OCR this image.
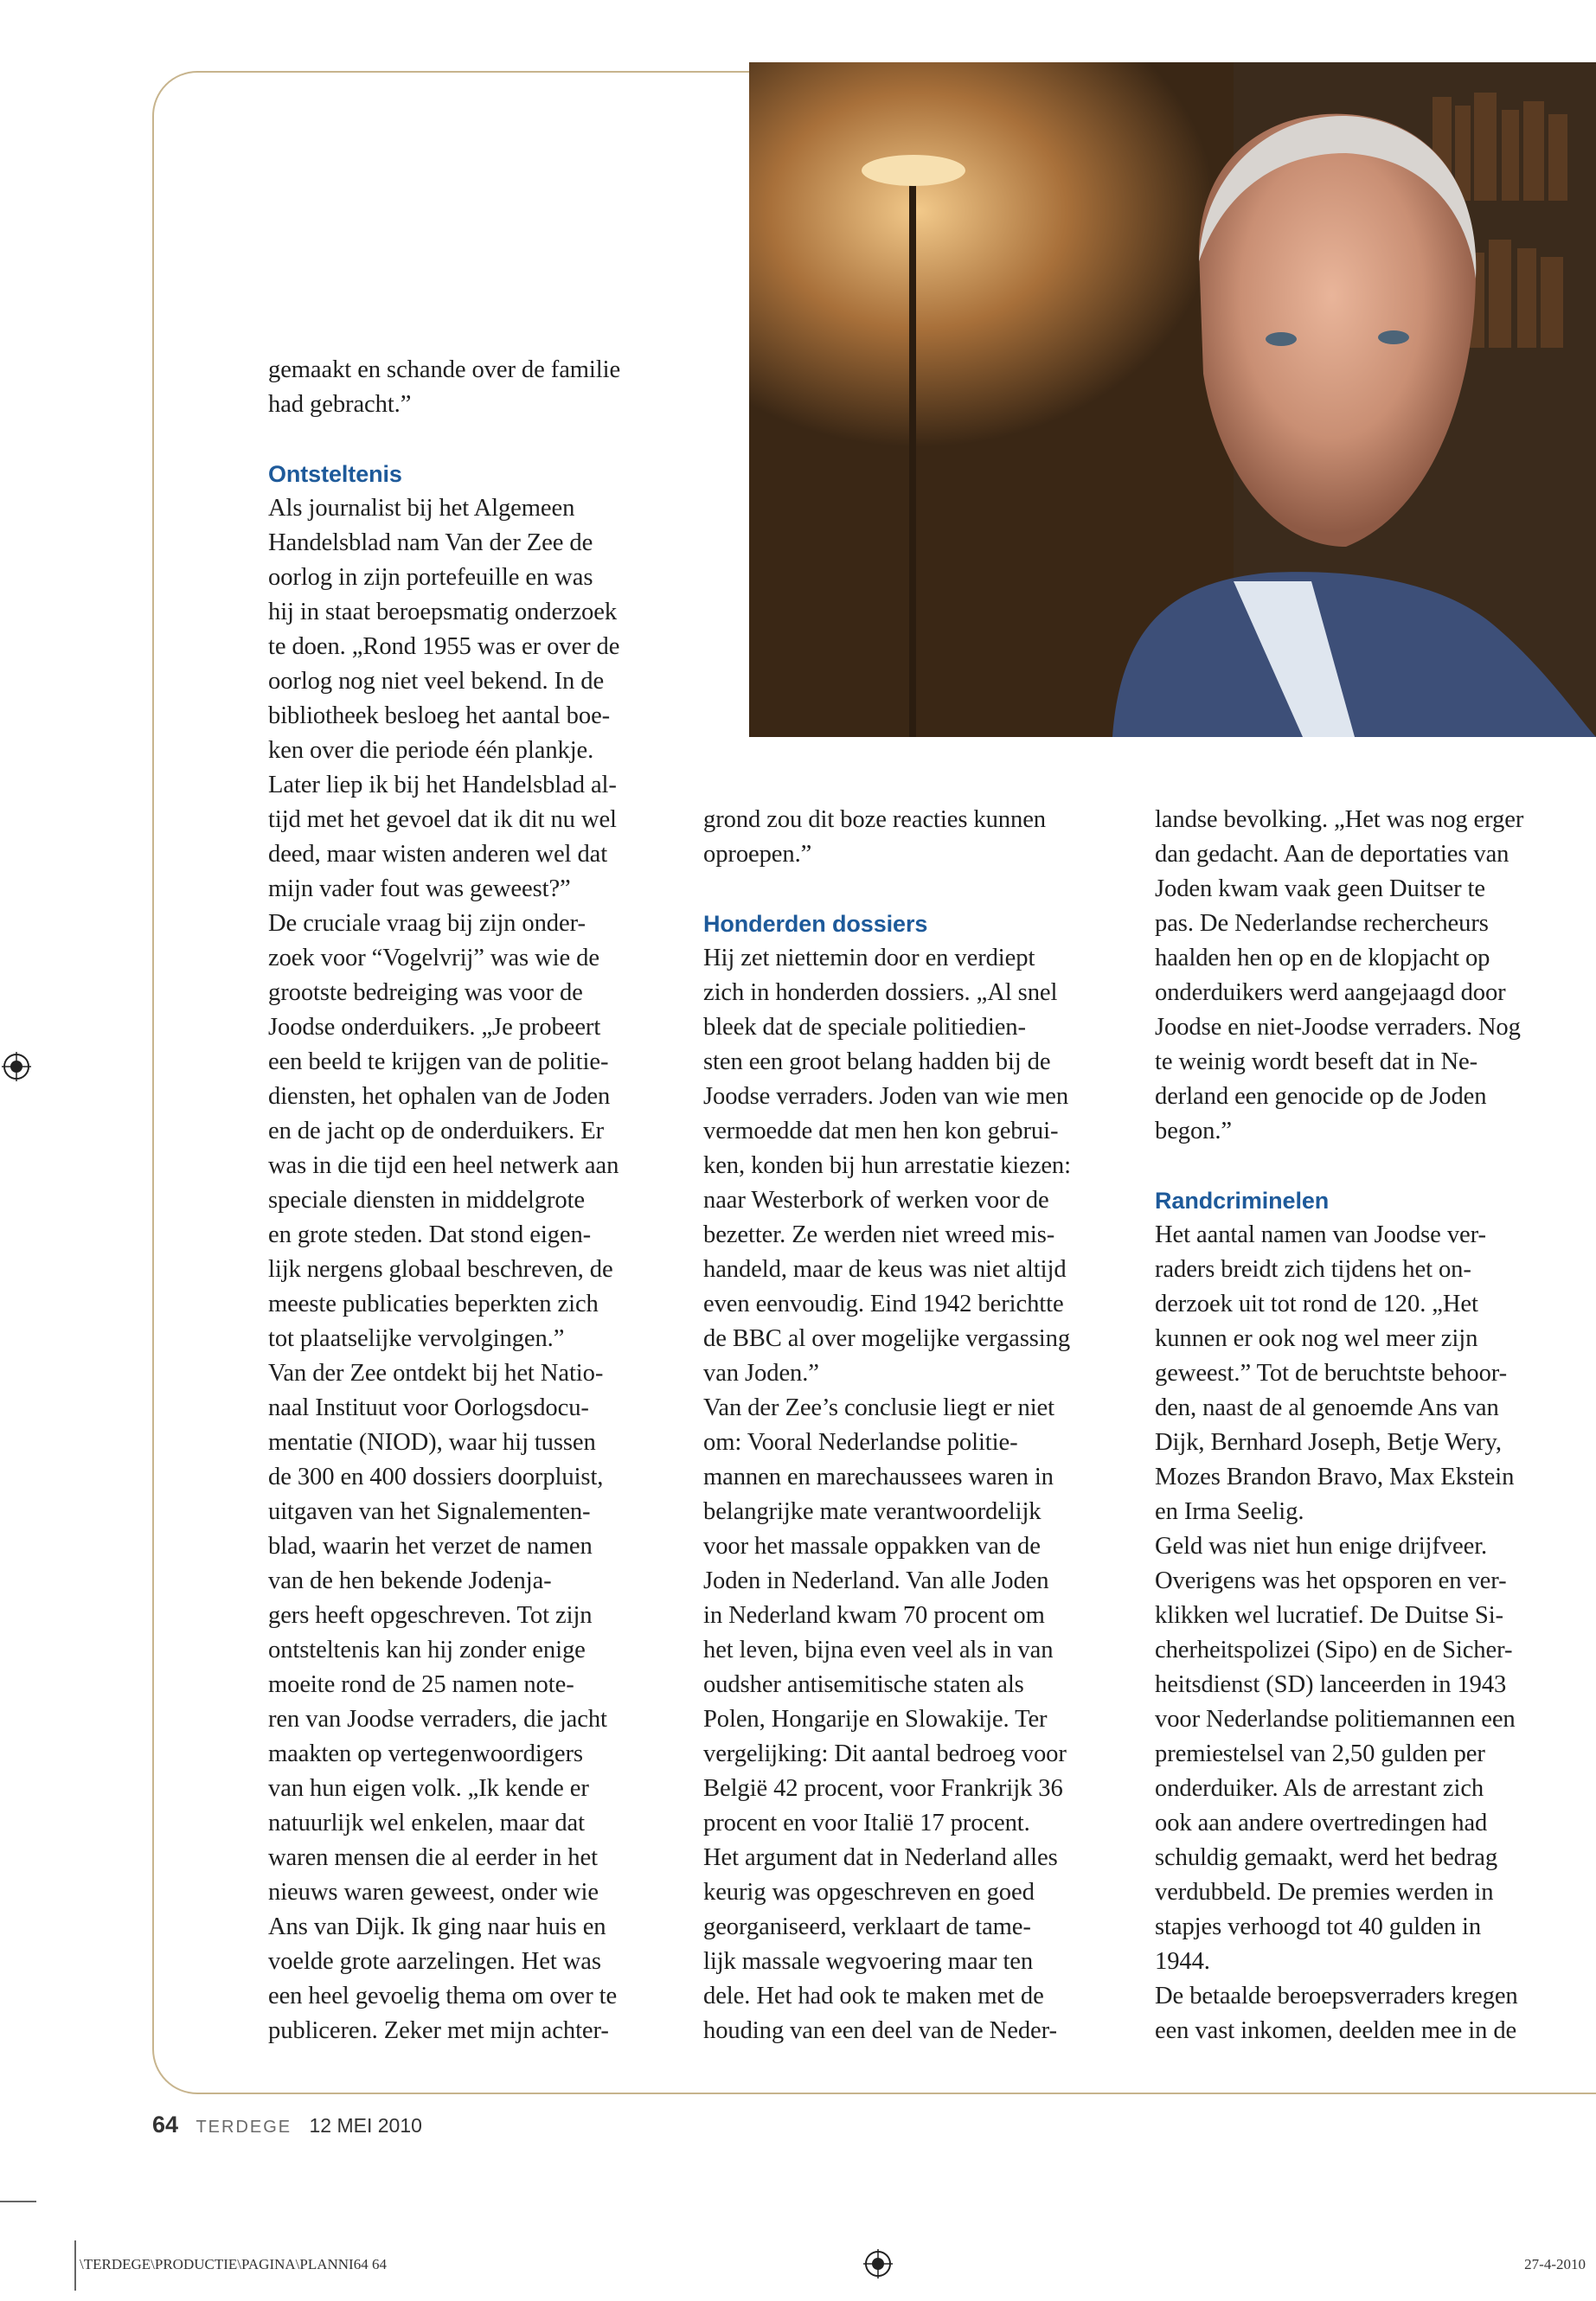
gemaakt en schande over de familie
had gebracht.”
Ontsteltenis
Als journalist bij het Algemeen
Handelsblad nam Van der Zee de
oorlog in zijn portefeuille en was
hij in staat beroepsmatig onderzoek
te doen. „Rond 1955 was er over de
oorlog nog niet veel bekend. In de
bibliotheek besloeg het aantal boe-
ken over die periode één plankje.
Later liep ik bij het Handelsblad al-
tijd met het gevoel dat ik dit nu wel
deed, maar wisten anderen wel dat
mijn vader fout was geweest?”
De cruciale vraag bij zijn onder-
zoek voor “Vogelvrij” was wie de
grootste bedreiging was voor de
Joodse onderduikers. „Je probeert
een beeld te krijgen van de politie-
diensten, het ophalen van de Joden
en de jacht op de onderduikers. Er
was in die tijd een heel netwerk aan
speciale diensten in middelgrote
en grote steden. Dat stond eigen-
lijk nergens globaal beschreven, de
meeste publicaties beperkten zich
tot plaatselijke vervolgingen.”
Van der Zee ontdekt bij het Natio-
naal Instituut voor Oorlogsdocu-
mentatie (NIOD), waar hij tussen
de 300 en 400 dossiers doorpluist,
uitgaven van het Signalementen-
blad, waarin het verzet de namen
van de hen bekende Jodenja-
gers heeft opgeschreven. Tot zijn
ontsteltenis kan hij zonder enige
moeite rond de 25 namen note-
ren van Joodse verraders, die jacht
maakten op vertegenwoordigers
van hun eigen volk. „Ik kende er
natuurlijk wel enkelen, maar dat
waren mensen die al eerder in het
nieuws waren geweest, onder wie
Ans van Dijk. Ik ging naar huis en
voelde grote aarzelingen. Het was
een heel gevoelig thema om over te
publiceren. Zeker met mijn achter-
grond zou dit boze reacties kunnen
oproepen.”
Honderden dossiers
Hij zet niettemin door en verdiept
zich in honderden dossiers. „Al snel
bleek dat de speciale politiedien-
sten een groot belang hadden bij de
Joodse verraders. Joden van wie men
vermoedde dat men hen kon gebrui-
ken, konden bij hun arrestatie kiezen:
naar Westerbork of werken voor de
bezetter. Ze werden niet wreed mis-
handeld, maar de keus was niet altijd
even eenvoudig. Eind 1942 berichtte
de BBC al over mogelijke vergassing
van Joden.”
Van der Zee’s conclusie liegt er niet
om: Vooral Nederlandse politie-
mannen en marechaussees waren in
belangrijke mate verantwoordelijk
voor het massale oppakken van de
Joden in Nederland. Van alle Joden
in Nederland kwam 70 procent om
het leven, bijna even veel als in van
oudsher antisemitische staten als
Polen, Hongarije en Slowakije. Ter
vergelijking: Dit aantal bedroeg voor
België 42 procent, voor Frankrijk 36
procent en voor Italië 17 procent.
Het argument dat in Nederland alles
keurig was opgeschreven en goed
georganiseerd, verklaart de tame-
lijk massale wegvoering maar ten
dele. Het had ook te maken met de
houding van een deel van de Neder-
landse bevolking. „Het was nog erger
dan gedacht. Aan de deportaties van
Joden kwam vaak geen Duitser te
pas. De Nederlandse rechercheurs
haalden hen op en de klopjacht op
onderduikers werd aangejaagd door
Joodse en niet-Joodse verraders. Nog
te weinig wordt beseft dat in Ne-
derland een genocide op de Joden
begon.”
Randcriminelen
Het aantal namen van Joodse ver-
raders breidt zich tijdens het on-
derzoek uit tot rond de 120. „Het
kunnen er ook nog wel meer zijn
geweest.” Tot de beruchtste behoor-
den, naast de al genoemde Ans van
Dijk, Bernhard Joseph, Betje Wery,
Mozes Brandon Bravo, Max Ekstein
en Irma Seelig.
Geld was niet hun enige drijfveer.
Overigens was het opsporen en ver-
klikken wel lucratief. De Duitse Si-
cherheitspolizei (Sipo) en de Sicher-
heitsdienst (SD) lanceerden in 1943
voor Nederlandse politiemannen een
premiestelsel van 2,50 gulden per
onderduiker. Als de arrestant zich
ook aan andere overtredingen had
schuldig gemaakt, werd het bedrag
verdubbeld. De premies werden in
stapjes verhoogd tot 40 gulden in
1944.
De betaalde beroepsverraders kregen
een vast inkomen, deelden mee in de
64 TERDEGE 12 MEI 2010
\TERDEGE\PRODUCTIE\PAGINA\PLANNI64 64	27-4-2010
